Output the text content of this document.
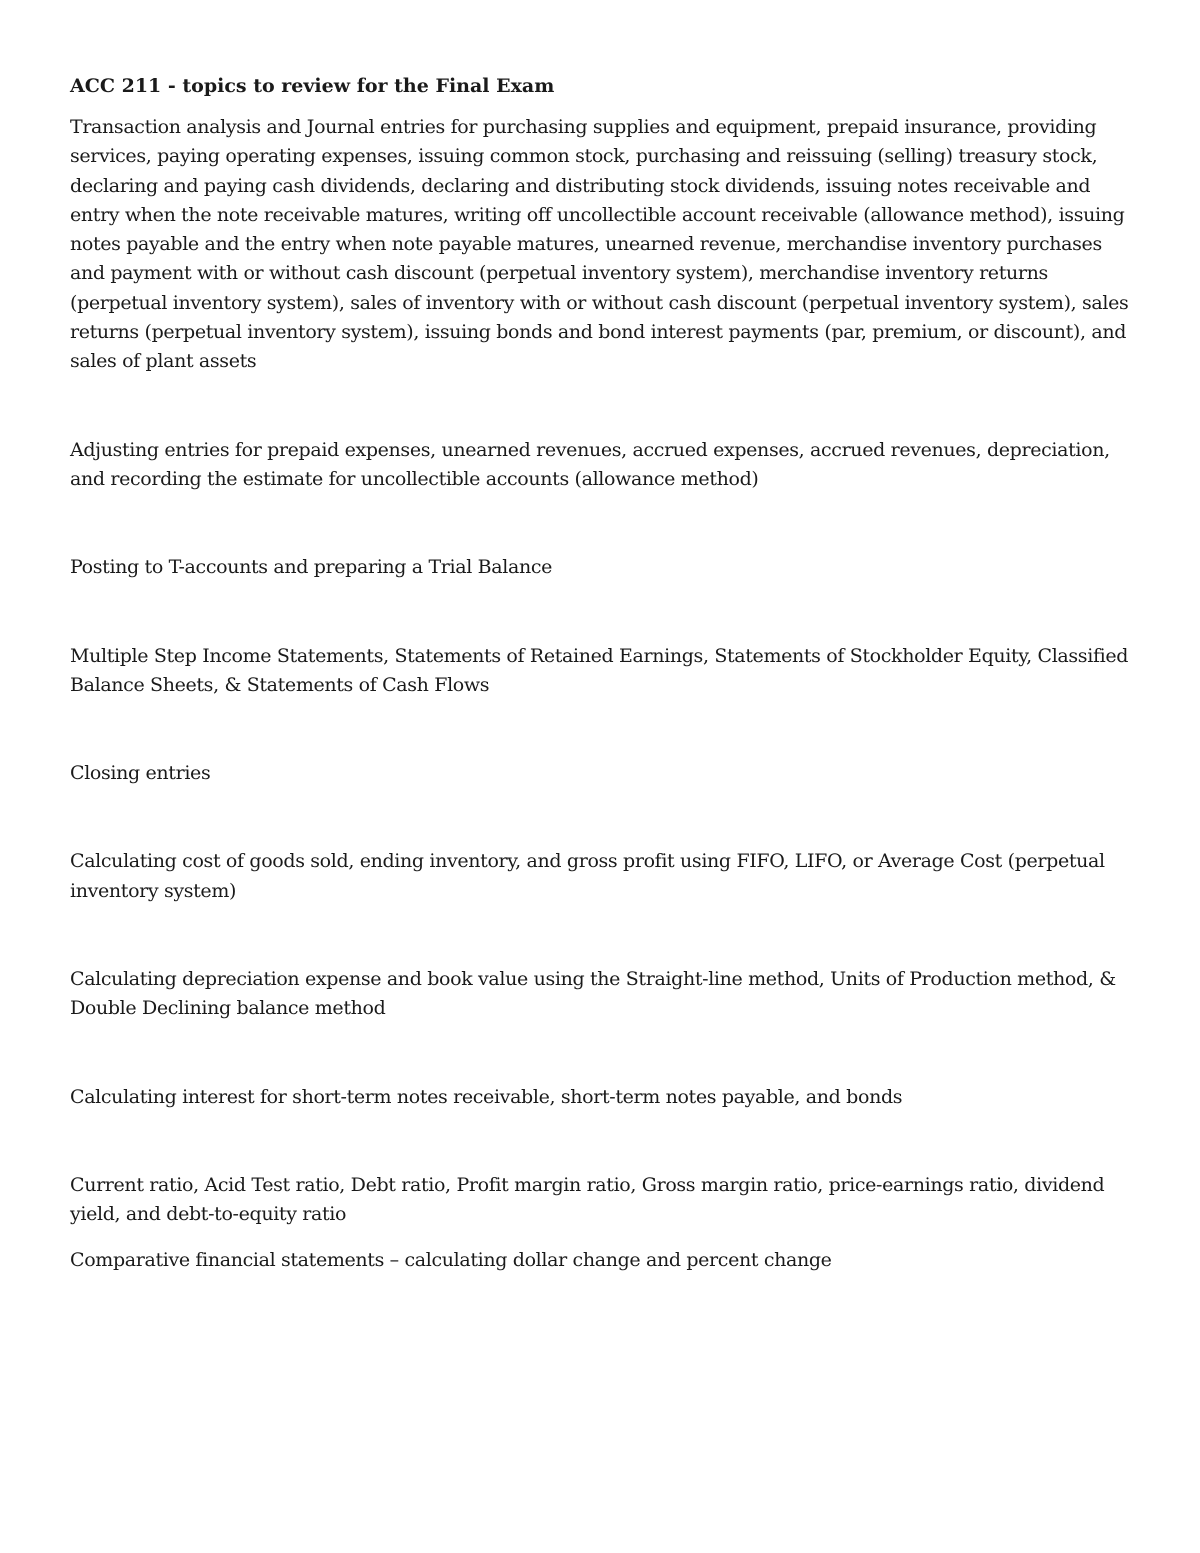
ACC 211 - topics to review for the Final Exam

Transaction analysis and Journal entries for purchasing supplies and equipment, prepaid insurance, providing services, paying operating expenses, issuing common stock, purchasing and reissuing (selling) treasury stock, declaring and paying cash dividends, declaring and distributing stock dividends, issuing notes receivable and entry when the note receivable matures, writing off uncollectible account receivable (allowance method), issuing notes payable and the entry when note payable matures, unearned revenue, merchandise inventory purchases and payment with or without cash discount (perpetual inventory system), merchandise inventory returns (perpetual inventory system), sales of inventory with or without cash discount (perpetual inventory system), sales returns (perpetual inventory system), issuing bonds and bond interest payments (par, premium, or discount), and sales of plant assets

Adjusting entries for prepaid expenses, unearned revenues, accrued expenses, accrued revenues, depreciation, and recording the estimate for uncollectible accounts (allowance method)

Posting to T-accounts and preparing a Trial Balance

Multiple Step Income Statements, Statements of Retained Earnings, Statements of Stockholder Equity, Classified Balance Sheets, & Statements of Cash Flows

Closing entries

Calculating cost of goods sold, ending inventory, and gross profit using FIFO, LIFO, or Average Cost (perpetual inventory system)

Calculating depreciation expense and book value using the Straight-line method, Units of Production method, & Double Declining balance method

Calculating interest for short-term notes receivable, short-term notes payable, and bonds

Current ratio, Acid Test ratio, Debt ratio, Profit margin ratio, Gross margin ratio, price-earnings ratio, dividend yield, and debt-to-equity ratio

Comparative financial statements – calculating dollar change and percent change
